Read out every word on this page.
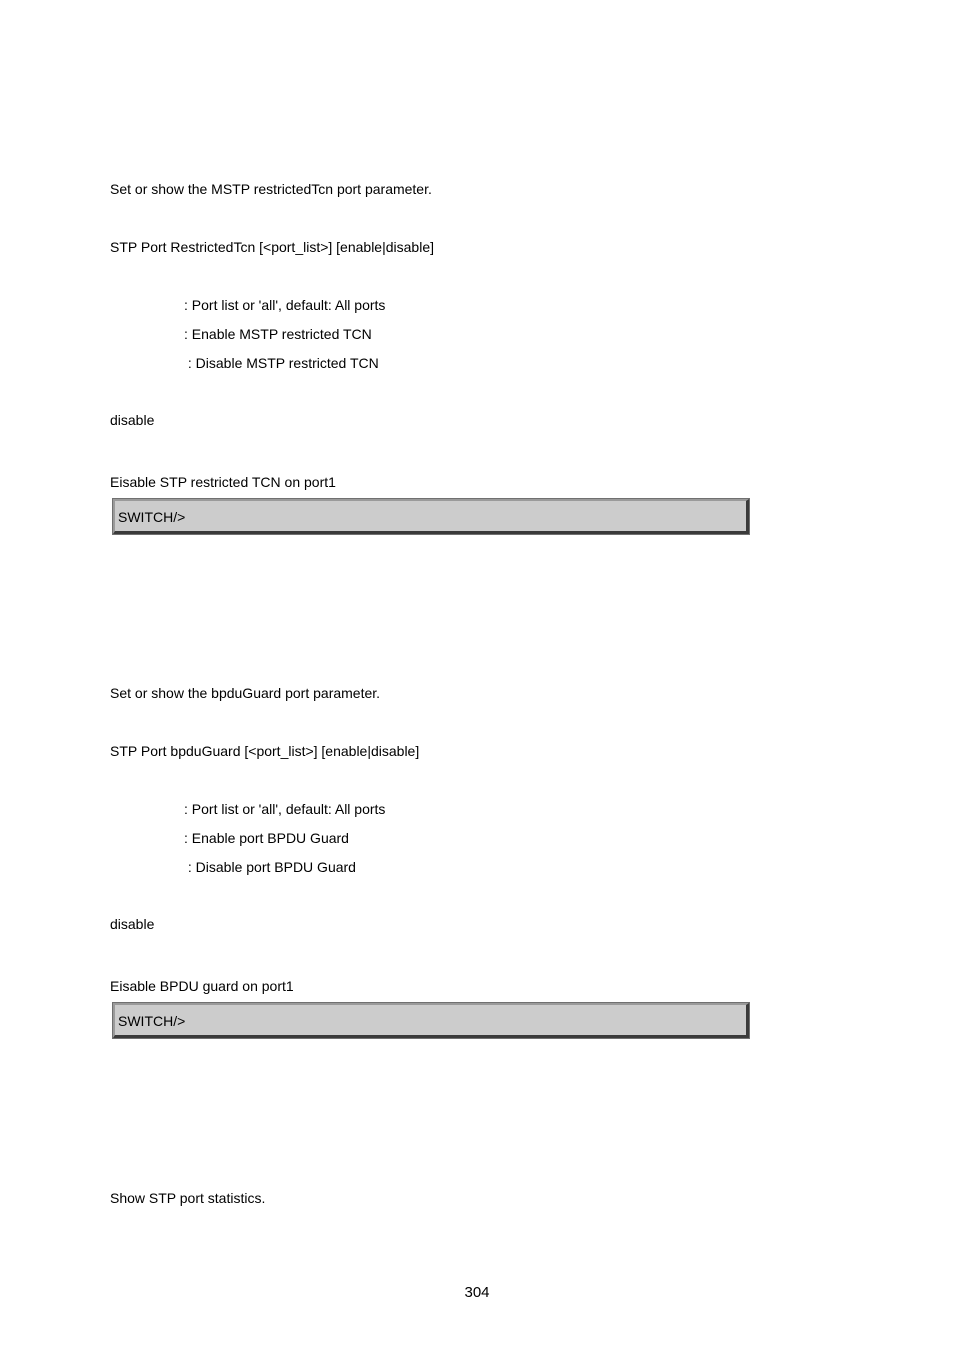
Set or show the MSTP restrictedTcn port parameter.
STP Port RestrictedTcn [<port_list>] [enable|disable]
: Port list or 'all', default: All ports
: Enable MSTP restricted TCN
: Disable MSTP restricted TCN
disable
Eisable STP restricted TCN on port1
SWITCH/>
Set or show the bpduGuard port parameter.
STP Port bpduGuard [<port_list>] [enable|disable]
: Port list or 'all', default: All ports
: Enable port BPDU Guard
: Disable port BPDU Guard
disable
Eisable BPDU guard on port1
SWITCH/>
Show STP port statistics.
304
